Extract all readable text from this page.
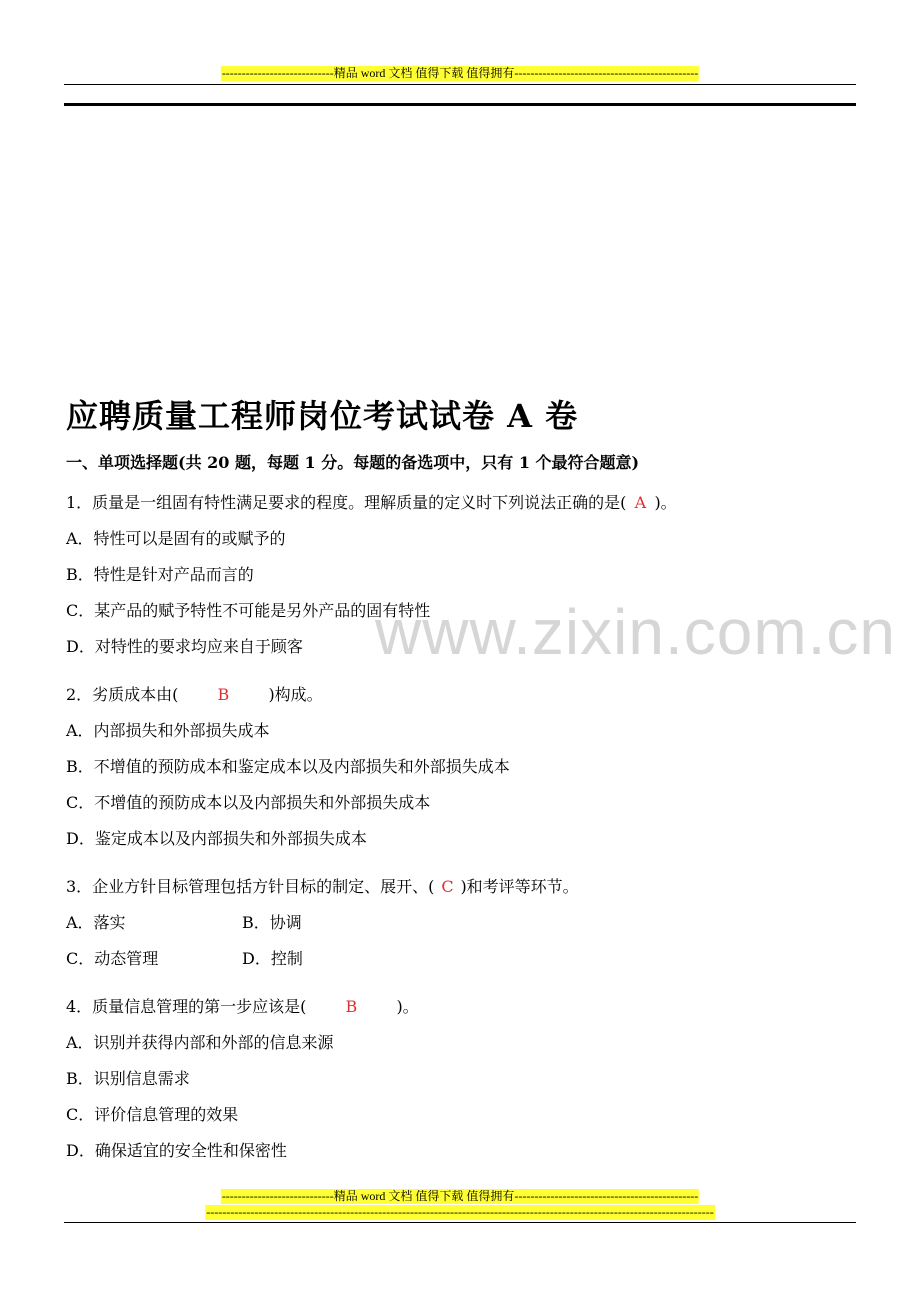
----------------------------精品 word 文档 值得下载 值得拥有----------------------------------------------
www.zixin.com.cn
应聘质量工程师岗位考试试卷 A 卷
一、单项选择题(共 20 题，每题 1 分。每题的备选项中，只有 1 个最符合题意)
1．质量是一组固有特性满足要求的程度。理解质量的定义时下列说法正确的是( A )。
A．特性可以是固有的或赋予的
B．特性是针对产品而言的
C．某产品的赋予特性不可能是另外产品的固有特性
D．对特性的要求均应来自于顾客
2．劣质成本由( B )构成。
A．内部损失和外部损失成本
B．不增值的预防成本和鉴定成本以及内部损失和外部损失成本
C．不增值的预防成本以及内部损失和外部损失成本
D．鉴定成本以及内部损失和外部损失成本
3．企业方针目标管理包括方针目标的制定、展开、( C )和考评等环节。
A．落实	B．协调
C．动态管理	D．控制
4．质量信息管理的第一步应该是( B )。
A．识别并获得内部和外部的信息来源
B．识别信息需求
C．评价信息管理的效果
D．确保适宜的安全性和保密性
----------------------------精品 word 文档 值得下载 值得拥有----------------------------------------------
-------------------------------------------------------------------------------------------------------------------------------
